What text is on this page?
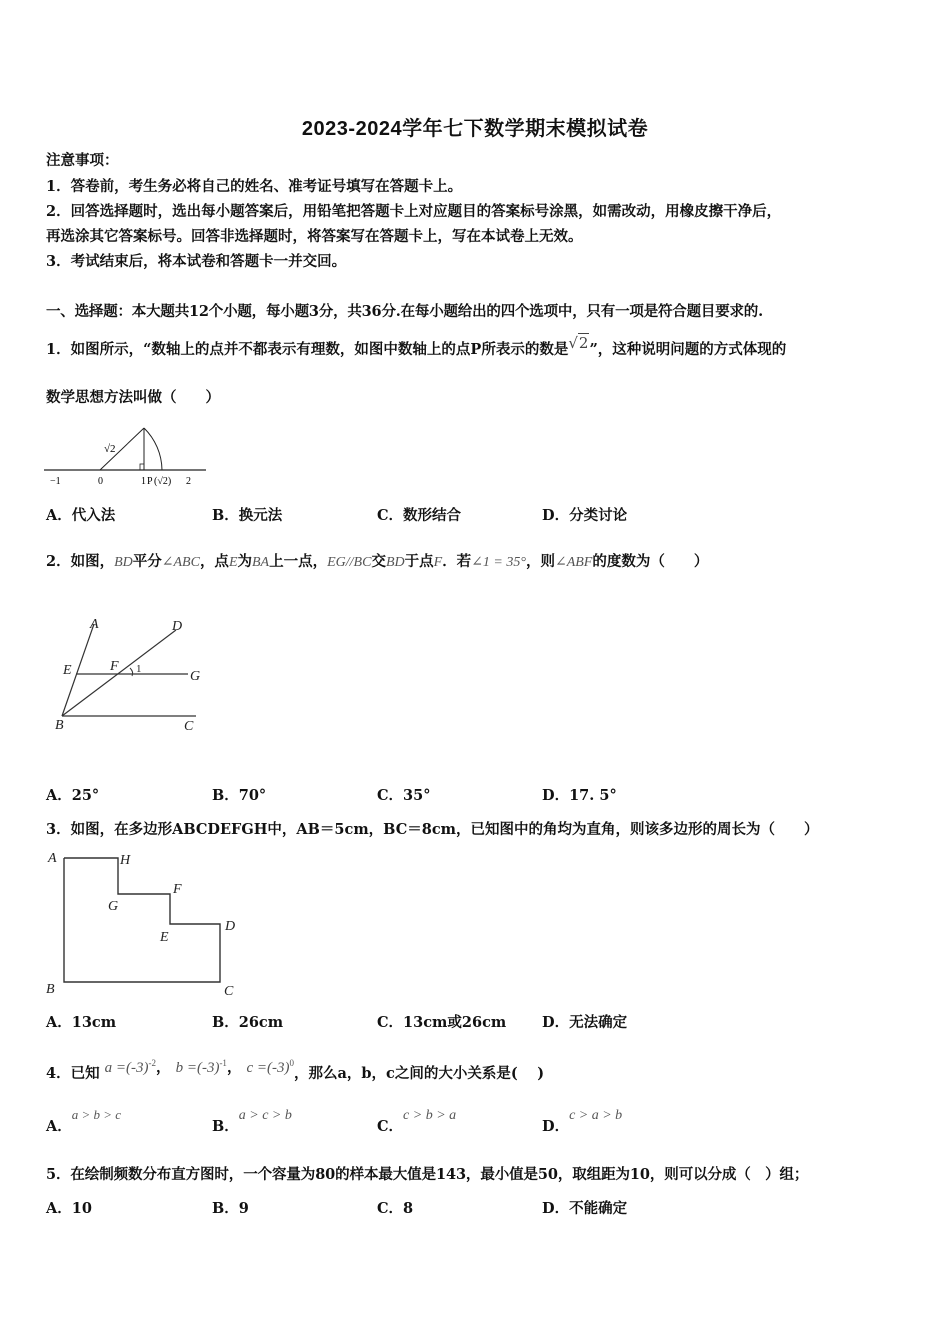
2023-2024学年七下数学期末模拟试卷
注意事项：
1．答卷前，考生务必将自己的姓名、准考证号填写在答题卡上。
2．回答选择题时，选出每小题答案后，用铅笔把答题卡上对应题目的答案标号涂黑，如需改动，用橡皮擦干净后，
再选涂其它答案标号。回答非选择题时，将答案写在答题卡上，写在本试卷上无效。
3．考试结束后，将本试卷和答题卡一并交回。
一、选择题：本大题共12个小题，每小题3分，共36分.在每小题给出的四个选项中，只有一项是符合题目要求的.
1．如图所示，“数轴上的点并不都表示有理数，如图中数轴上的点P所表示的数是√2”，这种说明问题的方式体现的
数学思想方法叫做（　　）
√2
−1	0	1 P (√2) 2
A．代入法	B．换元法	C．数形结合	D．分类讨论
2．如图，BD平分∠ABC，点E为BA上一点，EG//BC交BD于点F．若∠1 = 35°，则∠ABF的度数为（　　）
A	D
E	F
G
B	C
1
A．25°	B．70°	C．35°	D．17. 5°
3．如图，在多边形ABCDEFGH中，AB＝5cm，BC＝8cm，已知图中的角均为直角，则该多边形的周长为（　　）
A	H
G
F
E
D
B	C
A．13cm	B．26cm	C．13cm或26cm D．无法确定
4．已知 $a =(-3)^{-2}$， $b =(-3)^{-1}$， $c =(-3)^0$，那么a，b，c之间的大小关系是( 　)
A．a > b > c
B．a > c > b
C．c > b > a
D．c > a > b
5．在绘制频数分布直方图时，一个容量为80的样本最大值是143，最小值是50，取组距为10，则可以分成（　）组；
A．10	B．9	C．8	D．不能确定
